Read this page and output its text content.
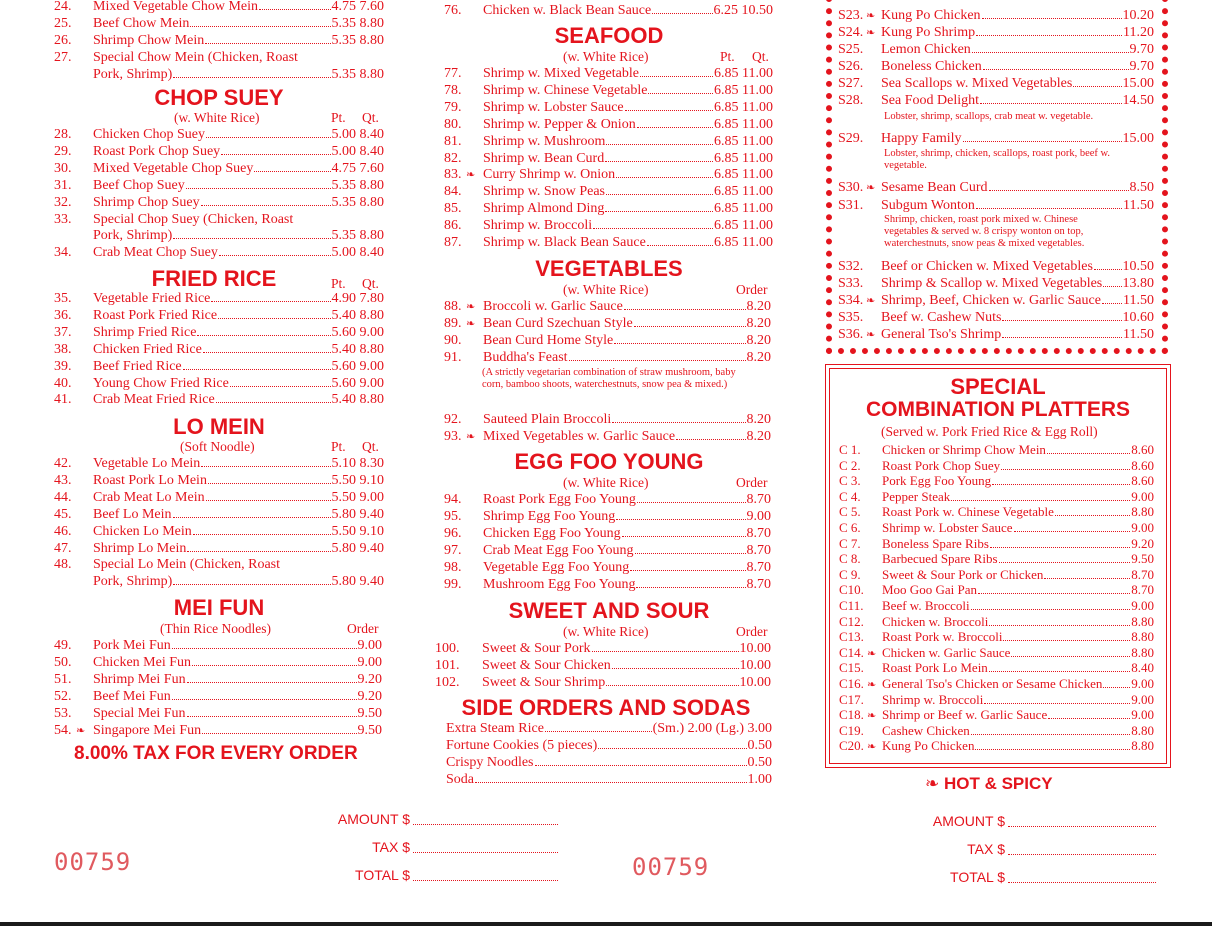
24.	Mixed Vegetable Chow Mein	4.75 7.60
25.	Beef Chow Mein	5.35 8.80
26.	Shrimp Chow Mein	5.35 8.80
27.	Special Chow Mein (Chicken, Roast
Pork, Shrimp)	5.35 8.80
CHOP SUEY
(w. White Rice)	Pt. Qt.
28.	Chicken Chop Suey	5.00 8.40
29.	Roast Pork Chop Suey	5.00 8.40
30.	Mixed Vegetable Chop Suey	4.75 7.60
31.	Beef Chop Suey	5.35 8.80
32.	Shrimp Chop Suey	5.35 8.80
33.	Special Chop Suey (Chicken, Roast
Pork, Shrimp)	5.35 8.80
34.	Crab Meat Chop Suey	5.00 8.40
FRIED RICE	Pt. Qt.
35.	Vegetable Fried Rice	4.90 7.80
36.	Roast Pork Fried Rice	5.40 8.80
37.	Shrimp Fried Rice	5.60 9.00
38.	Chicken Fried Rice	5.40 8.80
39.	Beef Fried Rice	5.60 9.00
40.	Young Chow Fried Rice	5.60 9.00
41.	Crab Meat Fried Rice	5.40 8.80
LO MEIN
(Soft Noodle)	Pt. Qt.
42.	Vegetable Lo Mein	5.10 8.30
43.	Roast Pork Lo Mein	5.50 9.10
44.	Crab Meat Lo Mein	5.50 9.00
45.	Beef Lo Mein	5.80 9.40
46.	Chicken Lo Mein	5.50 9.10
47.	Shrimp Lo Mein	5.80 9.40
48.	Special Lo Mein (Chicken, Roast
Pork, Shrimp)	5.80 9.40
MEI FUN
(Thin Rice Noodles)	Order
49.	Pork Mei Fun	9.00
50.	Chicken Mei Fun	9.00
51.	Shrimp Mei Fun	9.20
52.	Beef Mei Fun	9.20
53.	Special Mei Fun	9.50
54. ❧ Singapore Mei Fun	9.50
8.00% TAX FOR EVERY ORDER
76.	Chicken w. Black Bean Sauce	6.25 10.50
SEAFOOD
(w. White Rice)	Pt. Qt.
77.	Shrimp w. Mixed Vegetable	6.85 11.00
78.	Shrimp w. Chinese Vegetable	6.85 11.00
79.	Shrimp w. Lobster Sauce	6.85 11.00
80.	Shrimp w. Pepper & Onion	6.85 11.00
81.	Shrimp w. Mushroom	6.85 11.00
82.	Shrimp w. Bean Curd	6.85 11.00
83. ❧ Curry Shrimp w. Onion	6.85 11.00
84.	Shrimp w. Snow Peas	6.85 11.00
85.	Shrimp Almond Ding	6.85 11.00
86.	Shrimp w. Broccoli	6.85 11.00
87.	Shrimp w. Black Bean Sauce	6.85 11.00
VEGETABLES
(w. White Rice)	Order
88. ❧ Broccoli w. Garlic Sauce	8.20
89. ❧ Bean Curd Szechuan Style	8.20
90.	Bean Curd Home Style	8.20
91.	Buddha's Feast	8.20
(A strictly vegetarian combination of straw mushroom, baby corn, bamboo shoots, waterchestnuts, snow pea & mixed.)
92.	Sauteed Plain Broccoli	8.20
93. ❧ Mixed Vegetables w. Garlic Sauce	8.20
EGG FOO YOUNG
(w. White Rice)	Order
94.	Roast Pork Egg Foo Young	8.70
95.	Shrimp Egg Foo Young	9.00
96.	Chicken Egg Foo Young	8.70
97.	Crab Meat Egg Foo Young	8.70
98.	Vegetable Egg Foo Young	8.70
99.	Mushroom Egg Foo Young	8.70
SWEET AND SOUR
(w. White Rice)	Order
100.	Sweet & Sour Pork	10.00
101.	Sweet & Sour Chicken	10.00
102.	Sweet & Sour Shrimp	10.00
SIDE ORDERS AND SODAS
Extra Steam Rice	(Sm.) 2.00 (Lg.) 3.00
Fortune Cookies (5 pieces)	0.50
Crispy Noodles	0.50
Soda	1.00
S23. ❧ Kung Po Chicken	10.20
S24. ❧ Kung Po Shrimp	11.20
S25.	Lemon Chicken	9.70
S26.	Boneless Chicken	9.70
S27.	Sea Scallops w. Mixed Vegetables	15.00
S28.	Sea Food Delight	14.50
Lobster, shrimp, scallops, crab meat w. vegetable.
S29.	Happy Family	15.00
Lobster, shrimp, chicken, scallops, roast pork, beef w. vegetable.
S30. ❧ Sesame Bean Curd	8.50
S31.	Subgum Wonton	11.50
Shrimp, chicken, roast pork mixed w. Chinese vegetables & served w. 8 crispy wonton on top, waterchestnuts, snow peas & mixed vegetables.
S32.	Beef or Chicken w. Mixed Vegetables 10.50
S33.	Shrimp & Scallop w. Mixed Vegetables 13.80
S34. ❧ Shrimp, Beef, Chicken w. Garlic Sauce 11.50
S35.	Beef w. Cashew Nuts	10.60
S36. ❧ General Tso's Shrimp	11.50
SPECIAL
COMBINATION PLATTERS
(Served w. Pork Fried Rice & Egg Roll)
C 1.	Chicken or Shrimp Chow Mein	8.60
C 2.	Roast Pork Chop Suey	8.60
C 3.	Pork Egg Foo Young	8.60
C 4.	Pepper Steak	9.00
C 5.	Roast Pork w. Chinese Vegetable	8.80
C 6.	Shrimp w. Lobster Sauce	9.00
C 7.	Boneless Spare Ribs	9.20
C 8.	Barbecued Spare Ribs	9.50
C 9.	Sweet & Sour Pork or Chicken	8.70
C10.	Moo Goo Gai Pan	8.70
C11.	Beef w. Broccoli	9.00
C12.	Chicken w. Broccoli	8.80
C13.	Roast Pork w. Broccoli	8.80
C14. ❧ Chicken w. Garlic Sauce	8.80
C15.	Roast Pork Lo Mein	8.40
C16. ❧ General Tso's Chicken or Sesame Chicken 9.00
C17.	Shrimp w. Broccoli	9.00
C18. ❧ Shrimp or Beef w. Garlic Sauce	9.00
C19.	Cashew Chicken	8.80
C20. ❧ Kung Po Chicken	8.80
❧ HOT & SPICY
AMOUNT $
TAX $
TOTAL $
AMOUNT $
TAX $
TOTAL $
00759	00759
